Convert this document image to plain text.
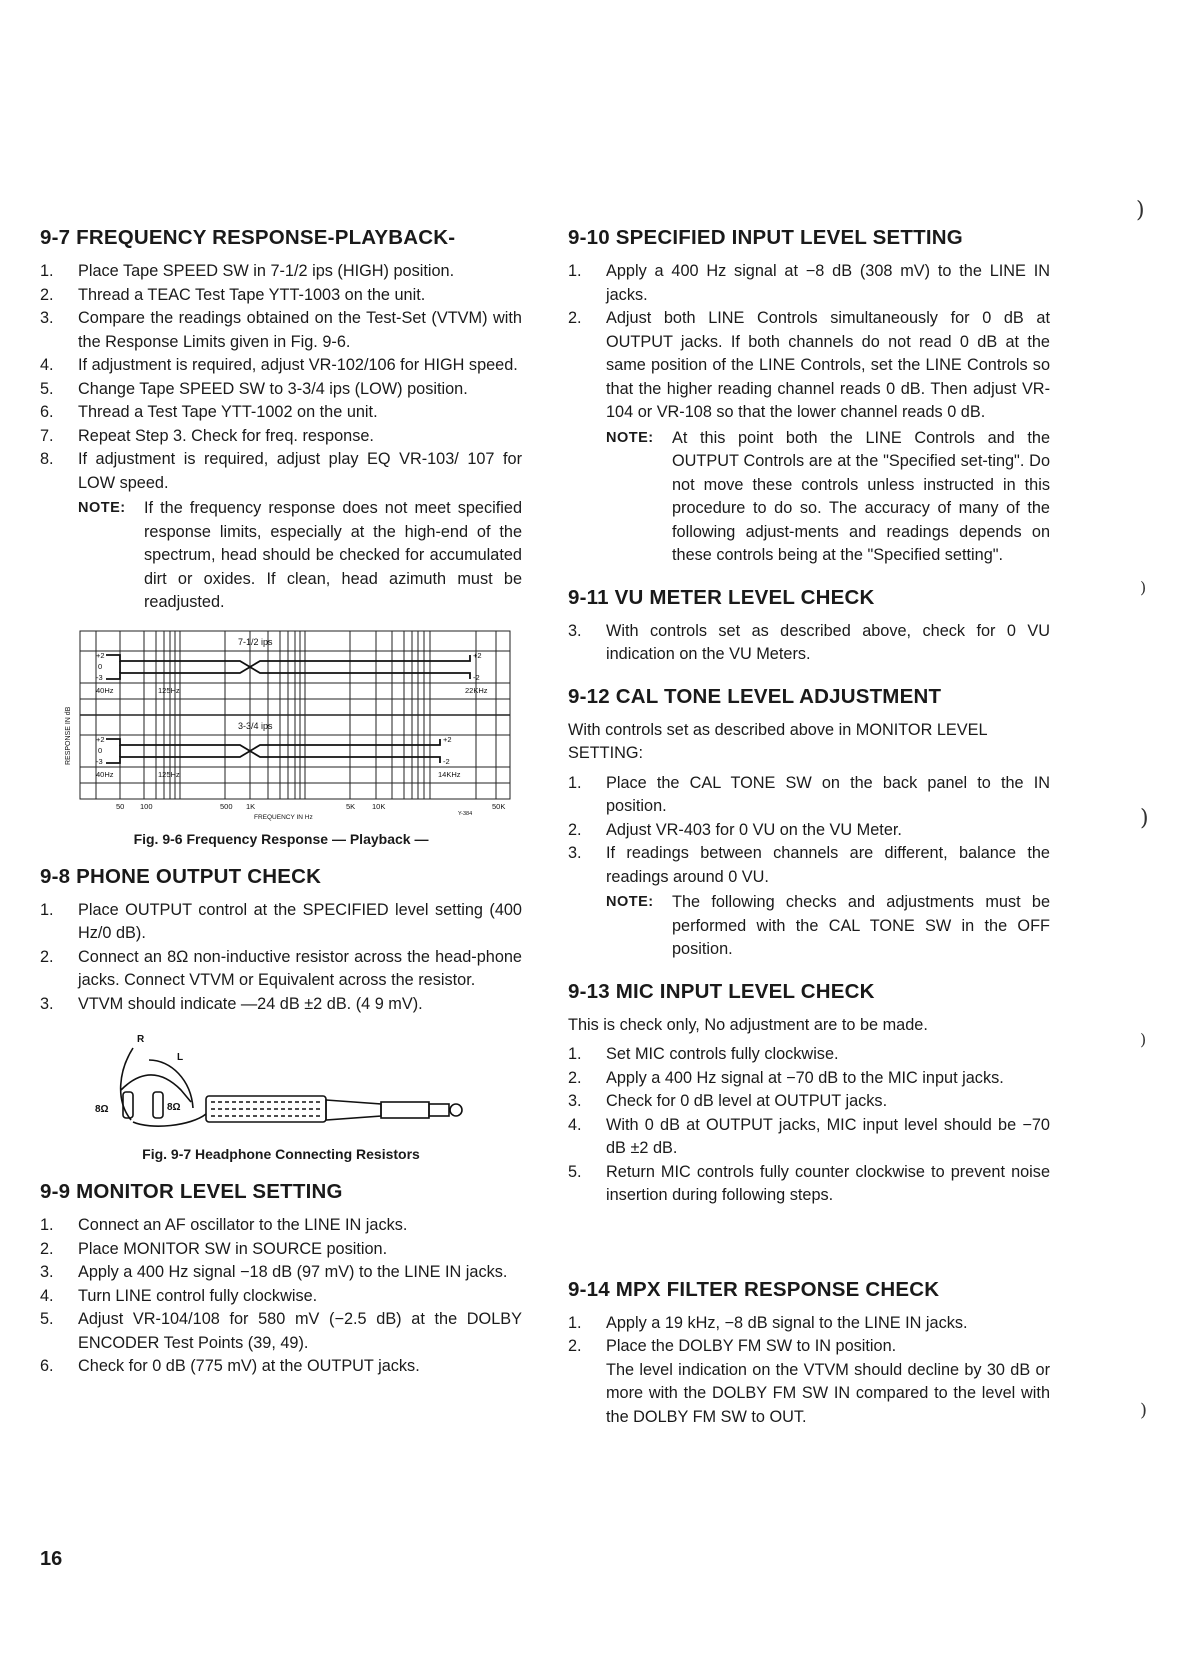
9-7 FREQUENCY RESPONSE-PLAYBACK-
1.	Place Tape SPEED SW in 7-1/2 ips (HIGH) position.
2.	Thread a TEAC Test Tape YTT-1003 on the unit.
3.	Compare the readings obtained on the Test-Set (VTVM) with the Response Limits given in Fig. 9-6.
4.	If adjustment is required, adjust VR-102/106 for HIGH speed.
5.	Change Tape SPEED SW to 3-3/4 ips (LOW) position.
6.	Thread a Test Tape YTT-1002 on the unit.
7.	Repeat Step 3. Check for freq. response.
8.	If adjustment is required, adjust play EQ VR-103/ 107 for LOW speed.
NOTE:	If the frequency response does not meet specified response limits, especially at the high-end of the spectrum, head should be checked for accumulated dirt or oxides. If clean, head azimuth must be readjusted.
7-1/2 ips
3-3/4 ips
+2
0
-3
+2
-2
40Hz	125Hz	22KHz
+2
0
-3
+2
-2
40Hz	125Hz	14KHz
RESPONSE IN dB
50 100	500 1K	5K 10K	50K
FREQUENCY IN Hz	Y-384
Fig. 9-6 Frequency Response — Playback —
9-8 PHONE OUTPUT CHECK
1.	Place OUTPUT control at the SPECIFIED level setting (400 Hz/0 dB).
2.	Connect an 8Ω non-inductive resistor across the head-phone jacks. Connect VTVM or Equivalent across the resistor.
3.	VTVM should indicate —24 dB ±2 dB. (4 9 mV).
R
L
8Ω	8Ω
Fig. 9-7 Headphone Connecting Resistors
9-9 MONITOR LEVEL SETTING
1.	Connect an AF oscillator to the LINE IN jacks.
2.	Place MONITOR SW in SOURCE position.
3.	Apply a 400 Hz signal −18 dB (97 mV) to the LINE IN jacks.
4.	Turn LINE control fully clockwise.
5.	Adjust VR-104/108 for 580 mV (−2.5 dB) at the DOLBY ENCODER Test Points (39, 49).
6.	Check for 0 dB (775 mV) at the OUTPUT jacks.
9-10 SPECIFIED INPUT LEVEL SETTING
1.	Apply a 400 Hz signal at −8 dB (308 mV) to the LINE IN jacks.
2.	Adjust both LINE Controls simultaneously for 0 dB at OUTPUT jacks. If both channels do not read 0 dB at the same position of the LINE Controls, set the LINE Controls so that the higher reading channel reads 0 dB. Then adjust VR-104 or VR-108 so that the lower channel reads 0 dB.
NOTE:	At this point both the LINE Controls and the OUTPUT Controls are at the "Specified set-ting". Do not move these controls unless instructed in this procedure to do so. The accuracy of many of the following adjust-ments and readings depends on these controls being at the "Specified setting".
9-11 VU METER LEVEL CHECK
3.	With controls set as described above, check for 0 VU indication on the VU Meters.
9-12 CAL TONE LEVEL ADJUSTMENT

With controls set as described above in MONITOR LEVEL SETTING:

1.	Place the CAL TONE SW on the back panel to the IN position.
2.	Adjust VR-403 for 0 VU on the VU Meter.
3.	If readings between channels are different, balance the readings around 0 VU.
NOTE:	The following checks and adjustments must be performed with the CAL TONE SW in the OFF position.
9-13 MIC INPUT LEVEL CHECK

This is check only, No adjustment are to be made.

1.	Set MIC controls fully clockwise.
2.	Apply a 400 Hz signal at −70 dB to the MIC input jacks.
3.	Check for 0 dB level at OUTPUT jacks.
4.	With 0 dB at OUTPUT jacks, MIC input level should be −70 dB ±2 dB.
5.	Return MIC controls fully counter clockwise to prevent noise insertion during following steps.
9-14 MPX FILTER RESPONSE CHECK
1.	Apply a 19 kHz, −8 dB signal to the LINE IN jacks.
2.	Place the DOLBY FM SW to IN position.
The level indication on the VTVM should decline by 30 dB or more with the DOLBY FM SW IN compared to the level with the DOLBY FM SW to OUT.
16
)
)
)
)
)
